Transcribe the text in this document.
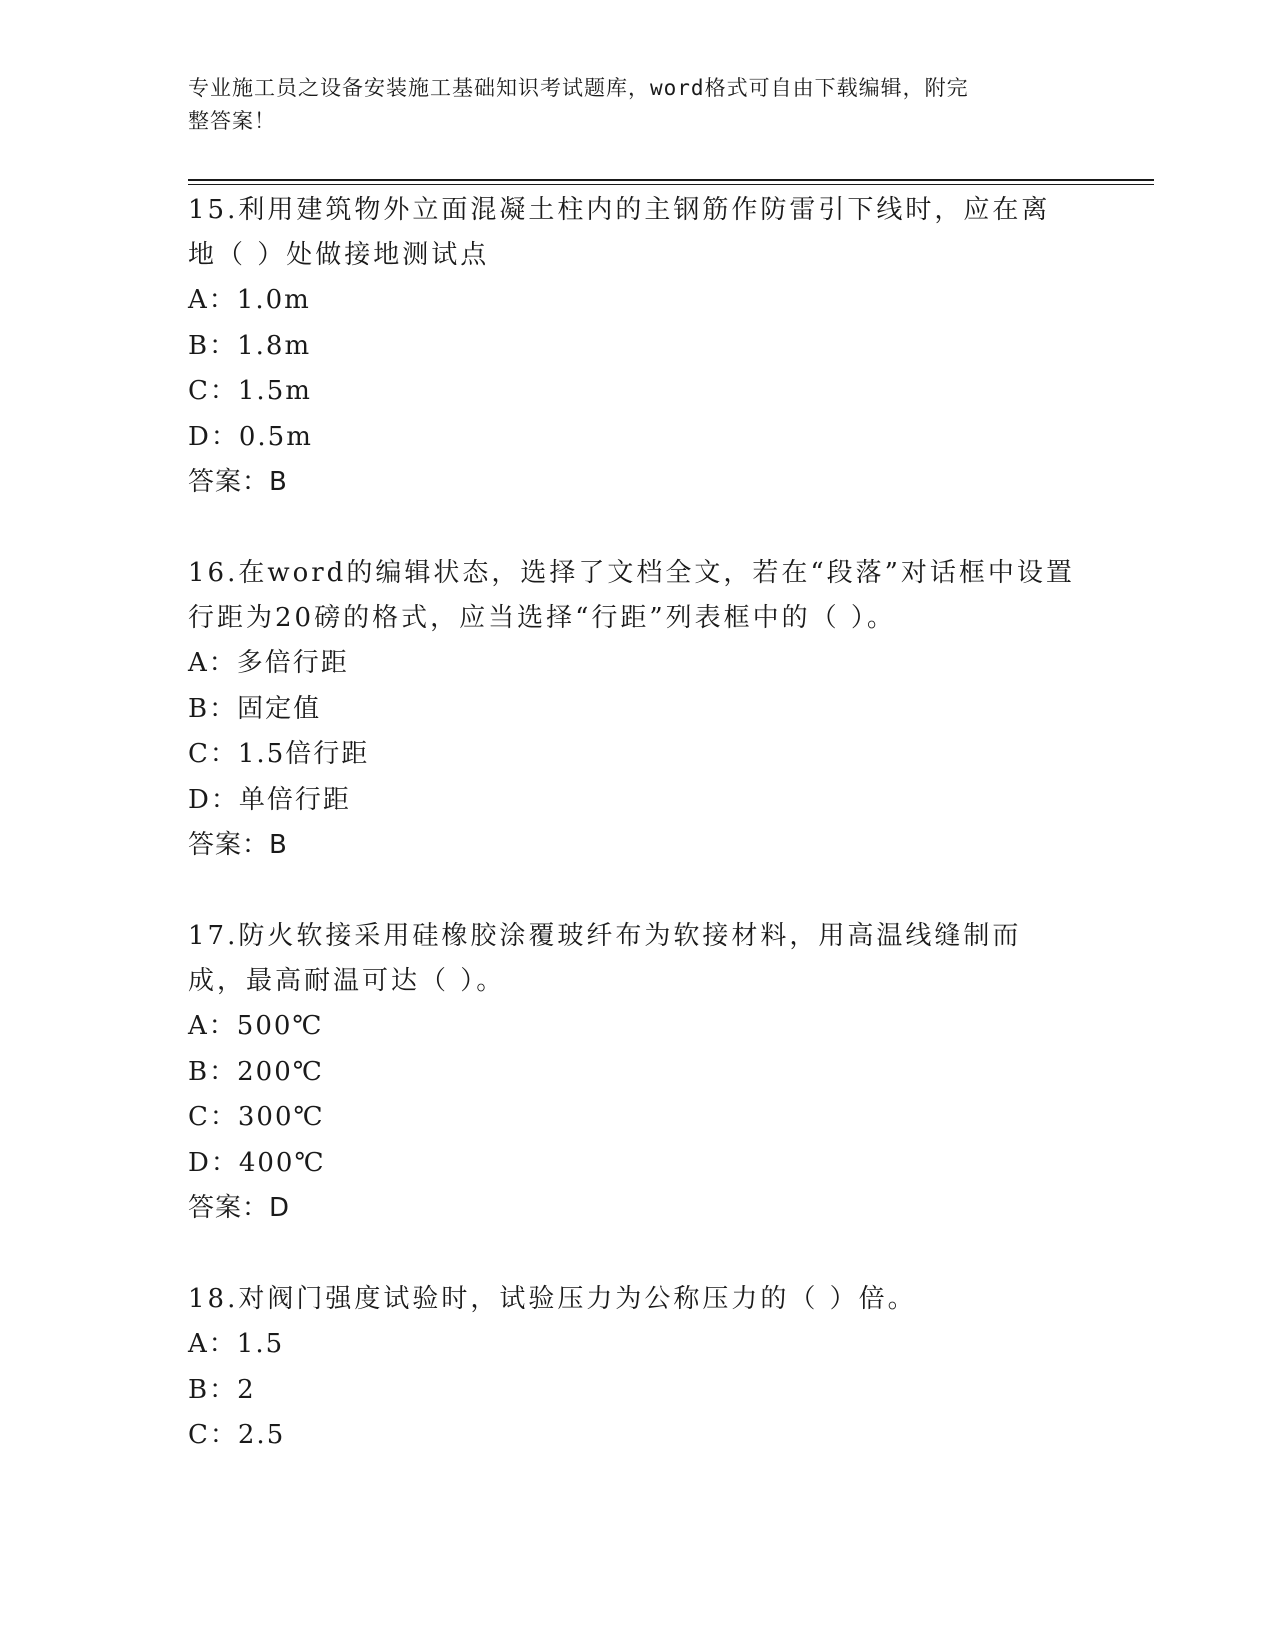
专业施工员之设备安装施工基础知识考试题库，word格式可自由下载编辑，附完
整答案！
15.利用建筑物外立面混凝土柱内的主钢筋作防雷引下线时，应在离地（ ）处做接地测试点
A：1.0m
B：1.8m
C：1.5m
D：0.5m
答案：B
16.在word的编辑状态，选择了文档全文，若在“段落”对话框中设置行距为20磅的格式，应当选择“行距”列表框中的（ ）。
A：多倍行距
B：固定值
C：1.5倍行距
D：单倍行距
答案：B
17.防火软接采用硅橡胶涂覆玻纤布为软接材料，用高温线缝制而成，最高耐温可达（ ）。
A：500℃
B：200℃
C：300℃
D：400℃
答案：D
18.对阀门强度试验时，试验压力为公称压力的（ ）倍。
A：1.5
B：2
C：2.5
